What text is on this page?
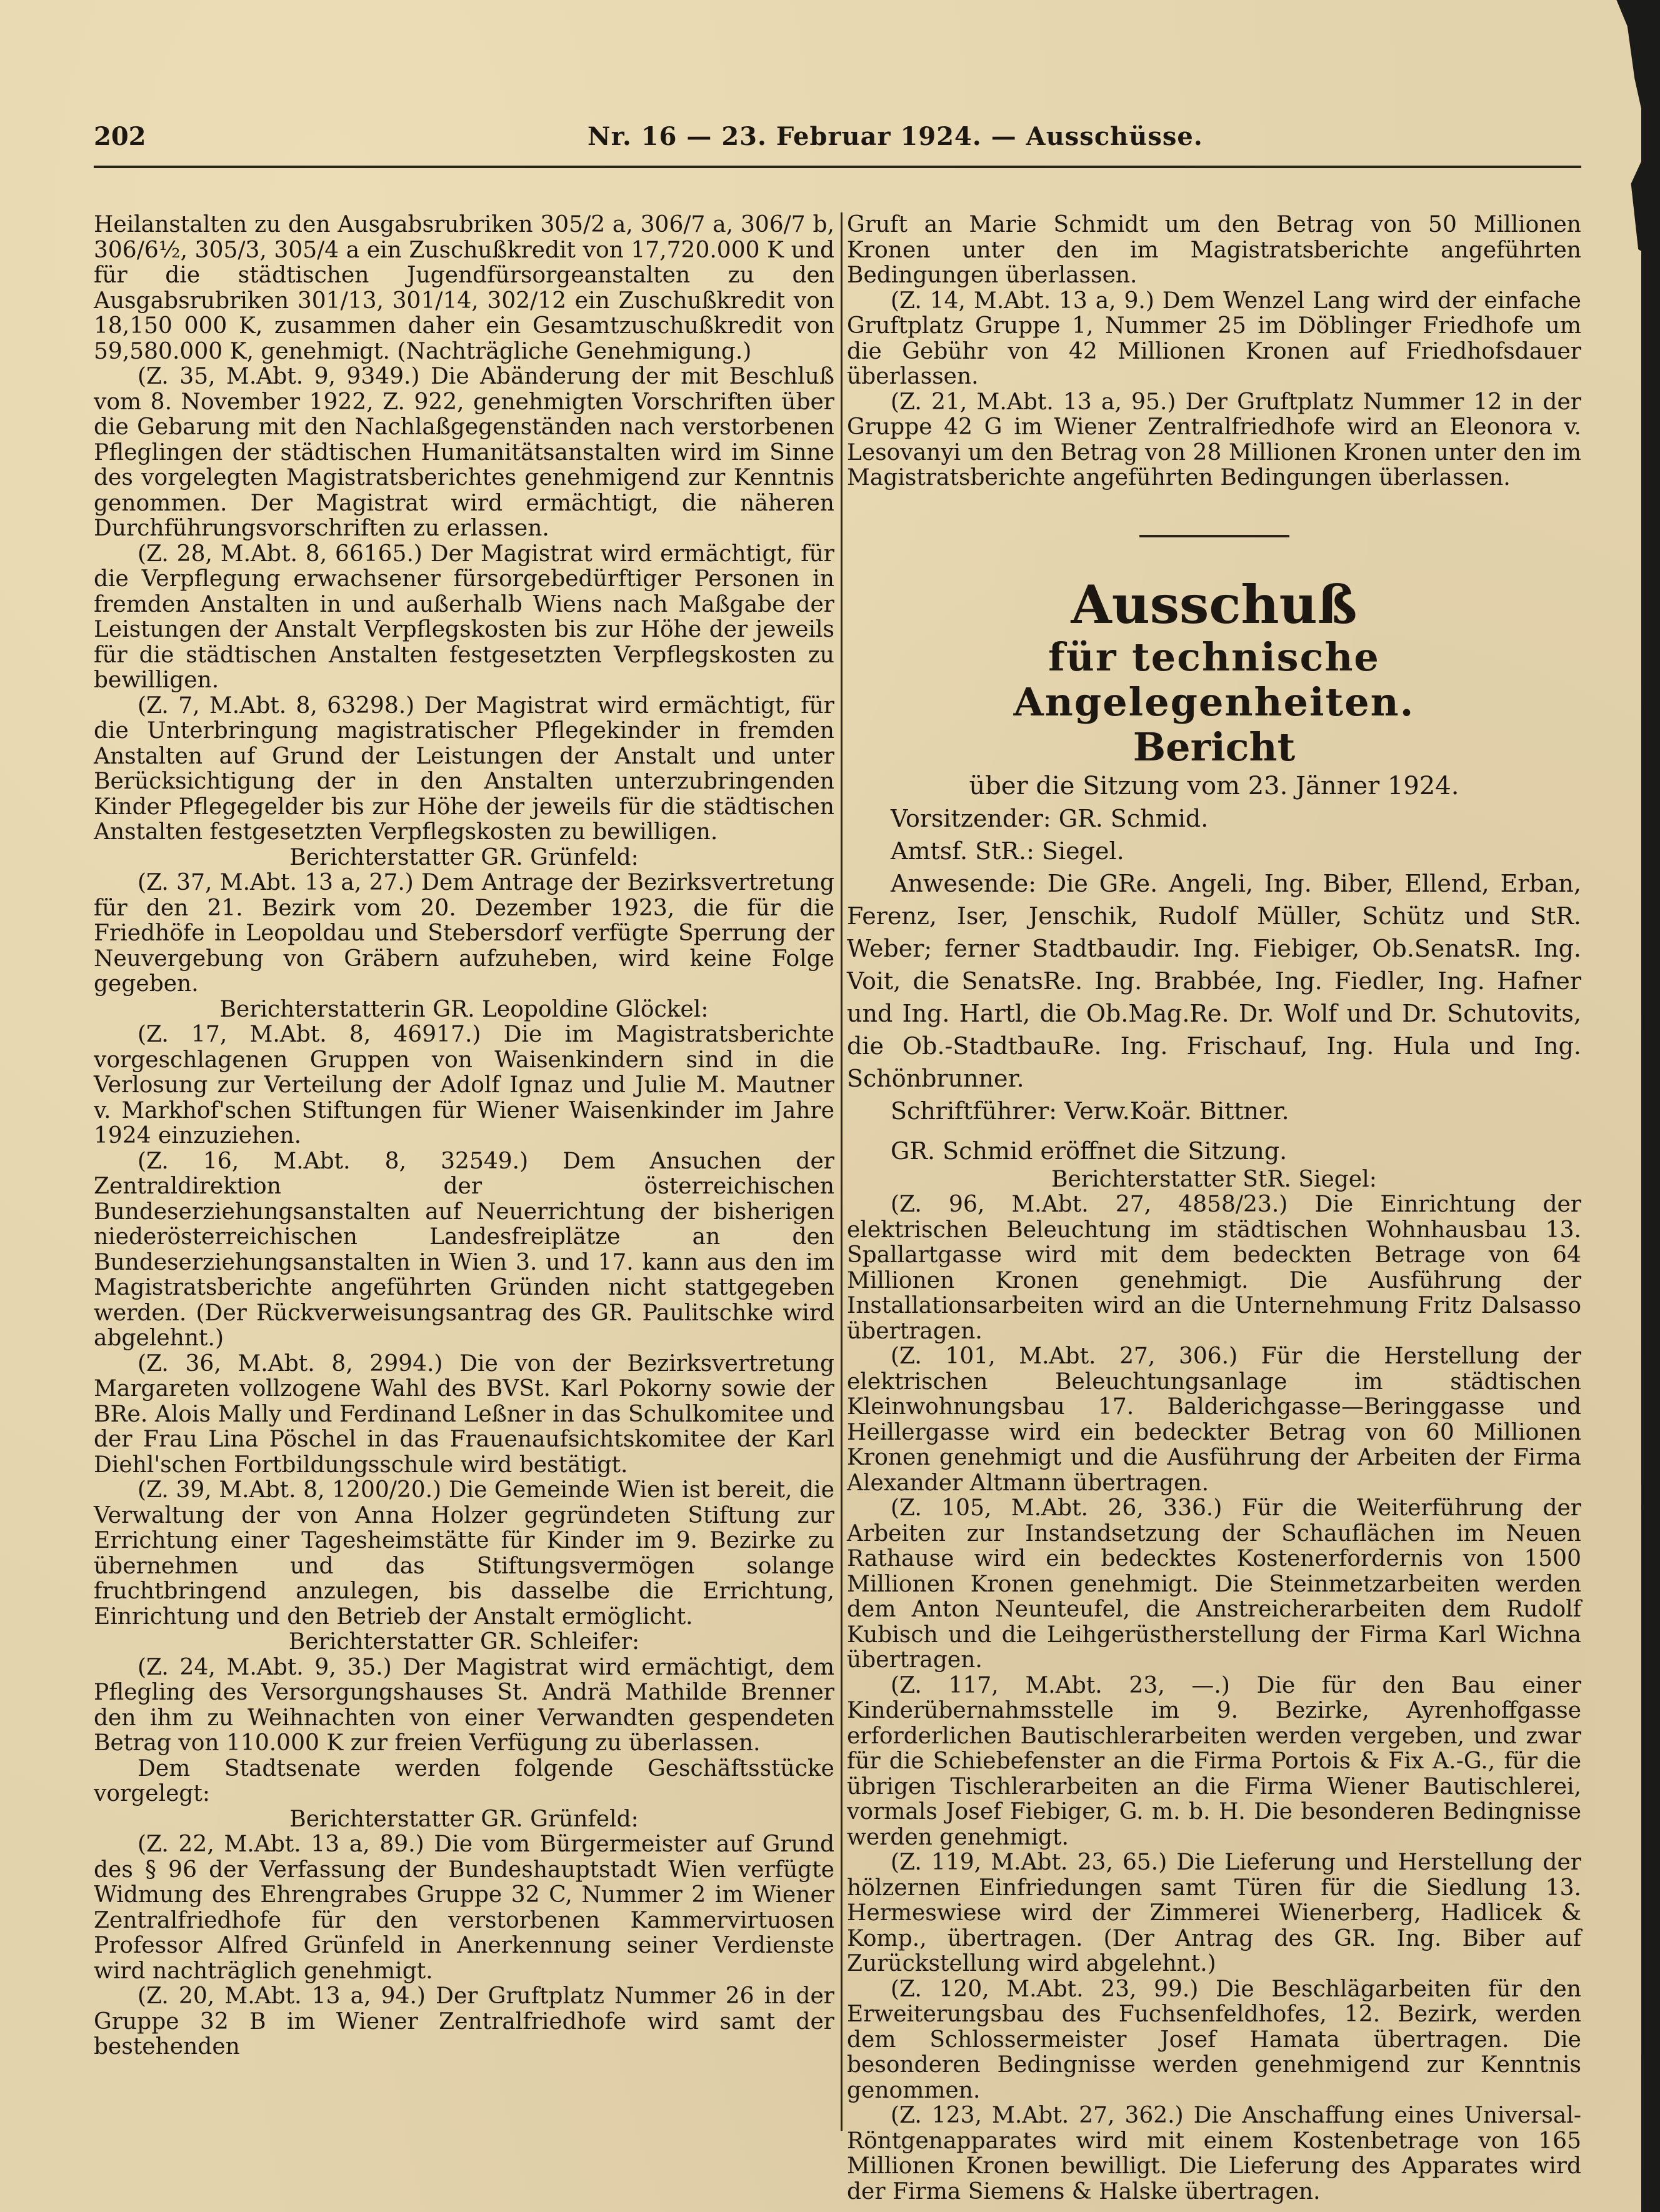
202	Nr. 16 — 23. Februar 1924. — Ausschüsse.

Heilanstalten zu den Ausgabsrubriken 305/2 a, 306/7 a, 306/7 b, 306/6½, 305/3, 305/4 a ein Zuschußkredit von 17,720.000 K und für die städtischen Jugendfürsorgeanstalten zu den Ausgabsrubriken 301/13, 301/14, 302/12 ein Zuschußkredit von 18,150 000 K, zusammen daher ein Gesamtzuschußkredit von 59,580.000 K, genehmigt. (Nachträgliche Genehmigung.)

(Z. 35, M.Abt. 9, 9349.) Die Abänderung der mit Beschluß vom 8. November 1922, Z. 922, genehmigten Vorschriften über die Gebarung mit den Nachlaßgegenständen nach verstorbenen Pfleglingen der städtischen Humanitätsanstalten wird im Sinne des vorgelegten Magistratsberichtes genehmigend zur Kenntnis genommen. Der Magistrat wird ermächtigt, die näheren Durchführungsvorschriften zu erlassen.

(Z. 28, M.Abt. 8, 66165.) Der Magistrat wird ermächtigt, für die Verpflegung erwachsener fürsorgebedürftiger Personen in fremden Anstalten in und außerhalb Wiens nach Maßgabe der Leistungen der Anstalt Verpflegskosten bis zur Höhe der jeweils für die städtischen Anstalten festgesetzten Verpflegskosten zu bewilligen.

(Z. 7, M.Abt. 8, 63298.) Der Magistrat wird ermächtigt, für die Unterbringung magistratischer Pflegekinder in fremden Anstalten auf Grund der Leistungen der Anstalt und unter Berücksichtigung der in den Anstalten unterzubringenden Kinder Pflegegelder bis zur Höhe der jeweils für die städtischen Anstalten festgesetzten Verpflegskosten zu bewilligen.

Berichterstatter GR. Grünfeld:

(Z. 37, M.Abt. 13 a, 27.) Dem Antrage der Bezirksvertretung für den 21. Bezirk vom 20. Dezember 1923, die für die Friedhöfe in Leopoldau und Stebersdorf verfügte Sperrung der Neuvergebung von Gräbern aufzuheben, wird keine Folge gegeben.

Berichterstatterin GR. Leopoldine Glöckel:

(Z. 17, M.Abt. 8, 46917.) Die im Magistratsberichte vorgeschlagenen Gruppen von Waisenkindern sind in die Verlosung zur Verteilung der Adolf Ignaz und Julie M. Mautner v. Markhof'schen Stiftungen für Wiener Waisenkinder im Jahre 1924 einzuziehen.

(Z. 16, M.Abt. 8, 32549.) Dem Ansuchen der Zentraldirektion der österreichischen Bundeserziehungsanstalten auf Neuerrichtung der bisherigen niederösterreichischen Landesfreiplätze an den Bundeserziehungsanstalten in Wien 3. und 17. kann aus den im Magistratsberichte angeführten Gründen nicht stattgegeben werden. (Der Rückverweisungsantrag des GR. Paulitschke wird abgelehnt.)

(Z. 36, M.Abt. 8, 2994.) Die von der Bezirksvertretung Margareten vollzogene Wahl des BVSt. Karl Pokorny sowie der BRe. Alois Mally und Ferdinand Leßner in das Schulkomitee und der Frau Lina Pöschel in das Frauenaufsichtskomitee der Karl Diehl'schen Fortbildungsschule wird bestätigt.

(Z. 39, M.Abt. 8, 1200/20.) Die Gemeinde Wien ist bereit, die Verwaltung der von Anna Holzer gegründeten Stiftung zur Errichtung einer Tagesheimstätte für Kinder im 9. Bezirke zu übernehmen und das Stiftungsvermögen solange fruchtbringend anzulegen, bis dasselbe die Errichtung, Einrichtung und den Betrieb der Anstalt ermöglicht.

Berichterstatter GR. Schleifer:

(Z. 24, M.Abt. 9, 35.) Der Magistrat wird ermächtigt, dem Pflegling des Versorgungshauses St. Andrä Mathilde Brenner den ihm zu Weihnachten von einer Verwandten gespendeten Betrag von 110.000 K zur freien Verfügung zu überlassen.

Dem Stadtsenate werden folgende Geschäftsstücke vorgelegt:

Berichterstatter GR. Grünfeld:

(Z. 22, M.Abt. 13 a, 89.) Die vom Bürgermeister auf Grund des § 96 der Verfassung der Bundeshauptstadt Wien verfügte Widmung des Ehrengrabes Gruppe 32 C, Nummer 2 im Wiener Zentralfriedhofe für den verstorbenen Kammervirtuosen Professor Alfred Grünfeld in Anerkennung seiner Verdienste wird nachträglich genehmigt.

(Z. 20, M.Abt. 13 a, 94.) Der Gruftplatz Nummer 26 in der Gruppe 32 B im Wiener Zentralfriedhofe wird samt der bestehenden

Gruft an Marie Schmidt um den Betrag von 50 Millionen Kronen unter den im Magistratsberichte angeführten Bedingungen überlassen.

(Z. 14, M.Abt. 13 a, 9.) Dem Wenzel Lang wird der einfache Gruftplatz Gruppe 1, Nummer 25 im Döblinger Friedhofe um die Gebühr von 42 Millionen Kronen auf Friedhofsdauer überlassen.

(Z. 21, M.Abt. 13 a, 95.) Der Gruftplatz Nummer 12 in der Gruppe 42 G im Wiener Zentralfriedhofe wird an Eleonora v. Lesovanyi um den Betrag von 28 Millionen Kronen unter den im Magistratsberichte angeführten Bedingungen überlassen.

Ausschuß

für technische Angelegenheiten.

Bericht

über die Sitzung vom 23. Jänner 1924.

Vorsitzender: GR. Schmid.

Amtsf. StR.: Siegel.

Anwesende: Die GRe. Angeli, Ing. Biber, Ellend, Erban, Ferenz, Iser, Jenschik, Rudolf Müller, Schütz und StR. Weber; ferner Stadtbaudir. Ing. Fiebiger, Ob.SenatsR. Ing. Voit, die SenatsRe. Ing. Brabbée, Ing. Fiedler, Ing. Hafner und Ing. Hartl, die Ob.Mag.Re. Dr. Wolf und Dr. Schutovits, die Ob.-StadtbauRe. Ing. Frischauf, Ing. Hula und Ing. Schönbrunner.

Schriftführer: Verw.Koär. Bittner.

GR. Schmid eröffnet die Sitzung.

Berichterstatter StR. Siegel:

(Z. 96, M.Abt. 27, 4858/23.) Die Einrichtung der elektrischen Beleuchtung im städtischen Wohnhausbau 13. Spallartgasse wird mit dem bedeckten Betrage von 64 Millionen Kronen genehmigt. Die Ausführung der Installationsarbeiten wird an die Unternehmung Fritz Dalsasso übertragen.

(Z. 101, M.Abt. 27, 306.) Für die Herstellung der elektrischen Beleuchtungsanlage im städtischen Kleinwohnungsbau 17. Balderichgasse—Beringgasse und Heillergasse wird ein bedeckter Betrag von 60 Millionen Kronen genehmigt und die Ausführung der Arbeiten der Firma Alexander Altmann übertragen.

(Z. 105, M.Abt. 26, 336.) Für die Weiterführung der Arbeiten zur Instandsetzung der Schauflächen im Neuen Rathause wird ein bedecktes Kostenerfordernis von 1500 Millionen Kronen genehmigt. Die Steinmetzarbeiten werden dem Anton Neunteufel, die Anstreicherarbeiten dem Rudolf Kubisch und die Leihgerüstherstellung der Firma Karl Wichna übertragen.

(Z. 117, M.Abt. 23, —.) Die für den Bau einer Kinderübernahmsstelle im 9. Bezirke, Ayrenhoffgasse erforderlichen Bautischlerarbeiten werden vergeben, und zwar für die Schiebefenster an die Firma Portois & Fix A.-G., für die übrigen Tischlerarbeiten an die Firma Wiener Bautischlerei, vormals Josef Fiebiger, G. m. b. H. Die besonderen Bedingnisse werden genehmigt.

(Z. 119, M.Abt. 23, 65.) Die Lieferung und Herstellung der hölzernen Einfriedungen samt Türen für die Siedlung 13. Hermeswiese wird der Zimmerei Wienerberg, Hadlicek & Komp., übertragen. (Der Antrag des GR. Ing. Biber auf Zurückstellung wird abgelehnt.)

(Z. 120, M.Abt. 23, 99.) Die Beschlägarbeiten für den Erweiterungsbau des Fuchsenfeldhofes, 12. Bezirk, werden dem Schlossermeister Josef Hamata übertragen. Die besonderen Bedingnisse werden genehmigend zur Kenntnis genommen.

(Z. 123, M.Abt. 27, 362.) Die Anschaffung eines Universal-Röntgenapparates wird mit einem Kostenbetrage von 165 Millionen Kronen bewilligt. Die Lieferung des Apparates wird der Firma Siemens & Halske übertragen.
